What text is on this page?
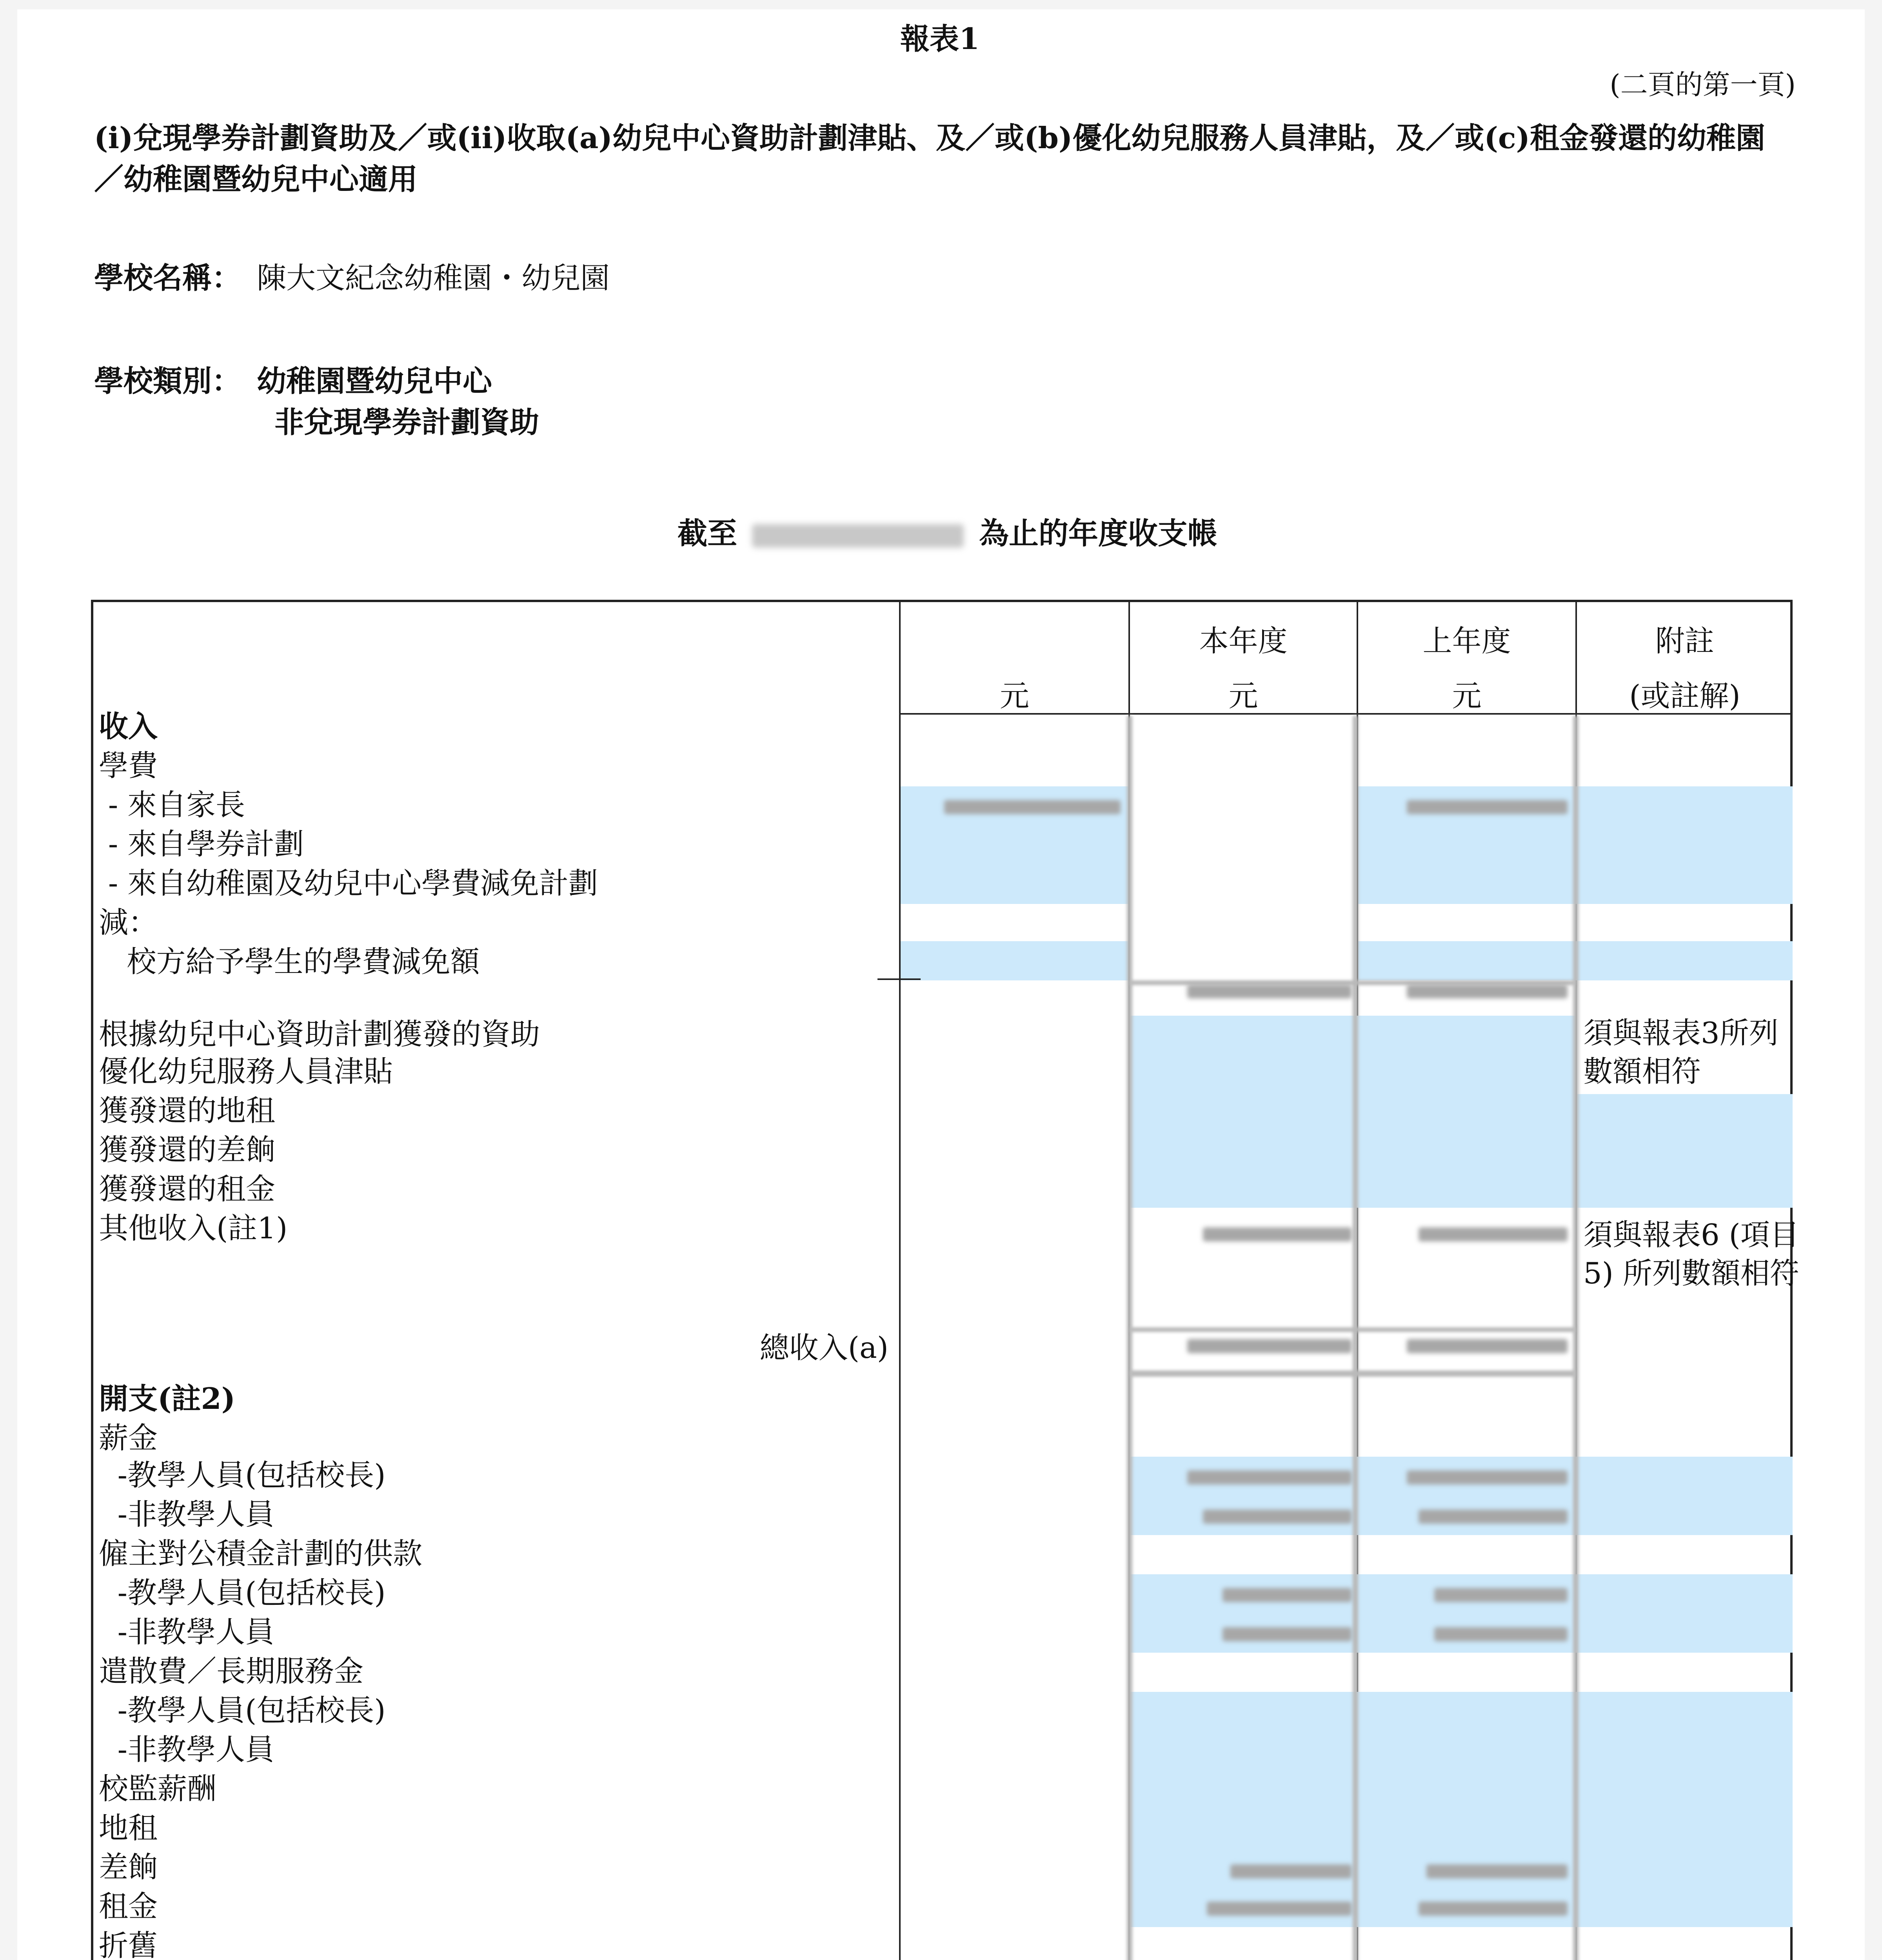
報表1
(二頁的第一頁)
(i)兌現學券計劃資助及／或(ii)收取(a)幼兒中心資助計劃津貼、及／或(b)優化幼兒服務人員津貼，及／或(c)租金發還的幼稚園／幼稚園暨幼兒中心適用
學校名稱： 陳大文紀念幼稚園・幼兒園
學校類別： 幼稚園暨幼兒中心
非兌現學券計劃資助
截至	為止的年度收支帳
元
本年度
元
上年度
元
附註
(或註解)
收入
學費
- 來自家長
- 來自學券計劃
- 來自幼稚園及幼兒中心學費減免計劃
減：
校方給予學生的學費減免額
根據幼兒中心資助計劃獲發的資助
優化幼兒服務人員津貼
獲發還的地租
獲發還的差餉
獲發還的租金
其他收入(註1)
總收入(a)
開支(註2)
薪金
-教學人員(包括校長)
-非教學人員
僱主對公積金計劃的供款
-教學人員(包括校長)
-非教學人員
遣散費／長期服務金
-教學人員(包括校長)
-非教學人員
校監薪酬
地租
差餉
租金
折舊
須與報表3所列數額相符
須與報表6 (項目5) 所列數額相符
